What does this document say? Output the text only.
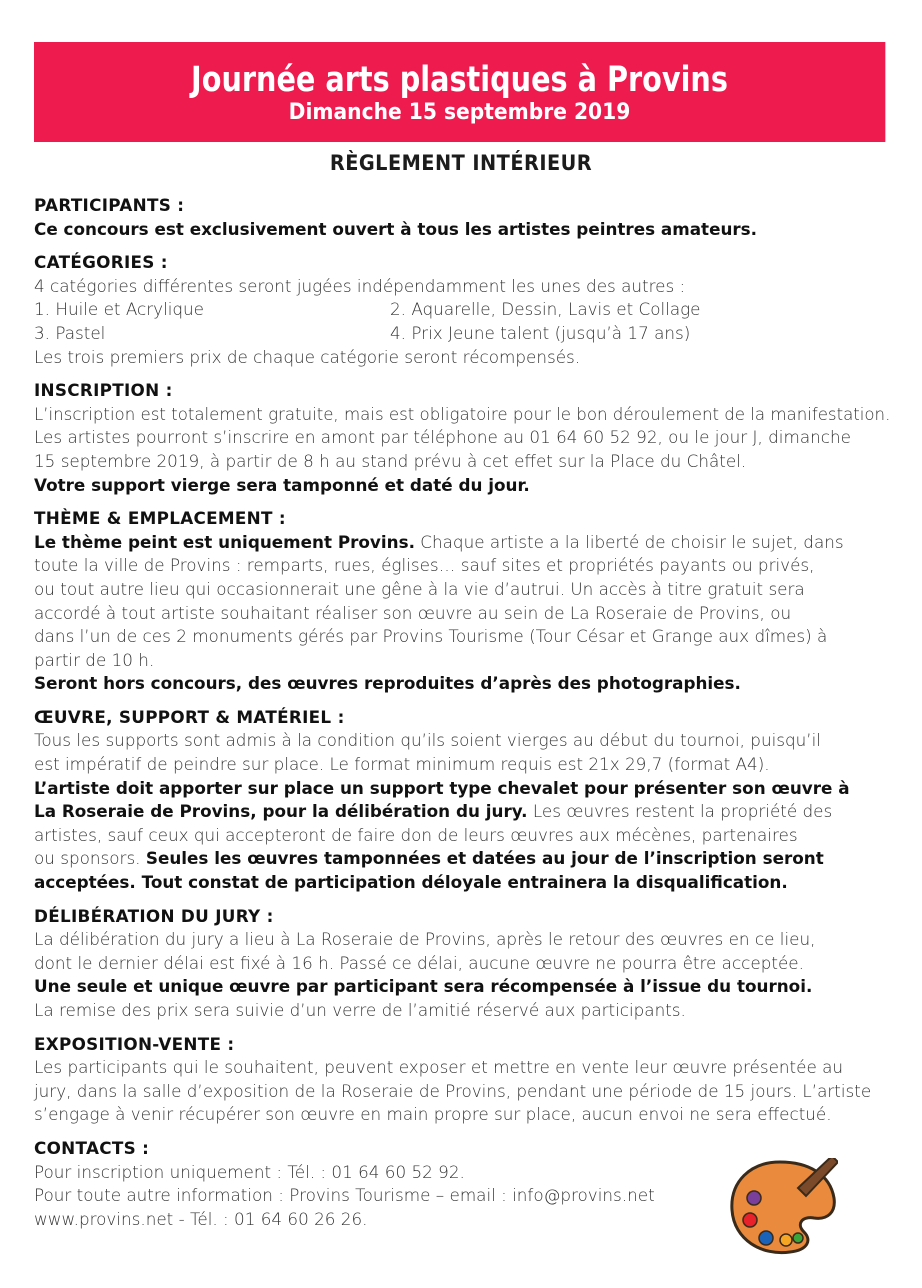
Journée arts plastiques à Provins
Dimanche 15 septembre 2019
RÈGLEMENT INTÉRIEUR
PARTICIPANTS :
Ce concours est exclusivement ouvert à tous les artistes peintres amateurs.
CATÉGORIES :
4 catégories différentes seront jugées indépendamment les unes des autres :
1. Huile et Acrylique	2. Aquarelle, Dessin, Lavis et Collage
3. Pastel	4. Prix Jeune talent (jusqu’à 17 ans)
Les trois premiers prix de chaque catégorie seront récompensés.
INSCRIPTION :
L’inscription est totalement gratuite, mais est obligatoire pour le bon déroulement de la manifestation.
Les artistes pourront s’inscrire en amont par téléphone au 01 64 60 52 92, ou le jour J, dimanche
15 septembre 2019, à partir de 8 h au stand prévu à cet effet sur la Place du Châtel.
Votre support vierge sera tamponné et daté du jour.
THÈME & EMPLACEMENT :
Le thème peint est uniquement Provins. Chaque artiste a la liberté de choisir le sujet, dans
toute la ville de Provins : remparts, rues, églises… sauf sites et propriétés payants ou privés,
ou tout autre lieu qui occasionnerait une gêne à la vie d’autrui. Un accès à titre gratuit sera
accordé à tout artiste souhaitant réaliser son œuvre au sein de La Roseraie de Provins, ou
dans l’un de ces 2 monuments gérés par Provins Tourisme (Tour César et Grange aux dîmes) à
partir de 10 h.
Seront hors concours, des œuvres reproduites d’après des photographies.
ŒUVRE, SUPPORT & MATÉRIEL :
Tous les supports sont admis à la condition qu’ils soient vierges au début du tournoi, puisqu’il
est impératif de peindre sur place. Le format minimum requis est 21x 29,7 (format A4).
L’artiste doit apporter sur place un support type chevalet pour présenter son œuvre à
La Roseraie de Provins, pour la délibération du jury. Les œuvres restent la propriété des
artistes, sauf ceux qui accepteront de faire don de leurs œuvres aux mécènes, partenaires
ou sponsors. Seules les œuvres tamponnées et datées au jour de l’inscription seront
acceptées. Tout constat de participation déloyale entrainera la disqualification.
DÉLIBÉRATION DU JURY :
La délibération du jury a lieu à La Roseraie de Provins, après le retour des œuvres en ce lieu,
dont le dernier délai est fixé à 16 h. Passé ce délai, aucune œuvre ne pourra être acceptée.
Une seule et unique œuvre par participant sera récompensée à l’issue du tournoi.
La remise des prix sera suivie d’un verre de l’amitié réservé aux participants.
EXPOSITION-VENTE :
Les participants qui le souhaitent, peuvent exposer et mettre en vente leur œuvre présentée au
jury, dans la salle d’exposition de la Roseraie de Provins, pendant une période de 15 jours. L’artiste
s’engage à venir récupérer son œuvre en main propre sur place, aucun envoi ne sera effectué.
CONTACTS :
Pour inscription uniquement : Tél. : 01 64 60 52 92.
Pour toute autre information : Provins Tourisme – email : info@provins.net
www.provins.net - Tél. : 01 64 60 26 26.
